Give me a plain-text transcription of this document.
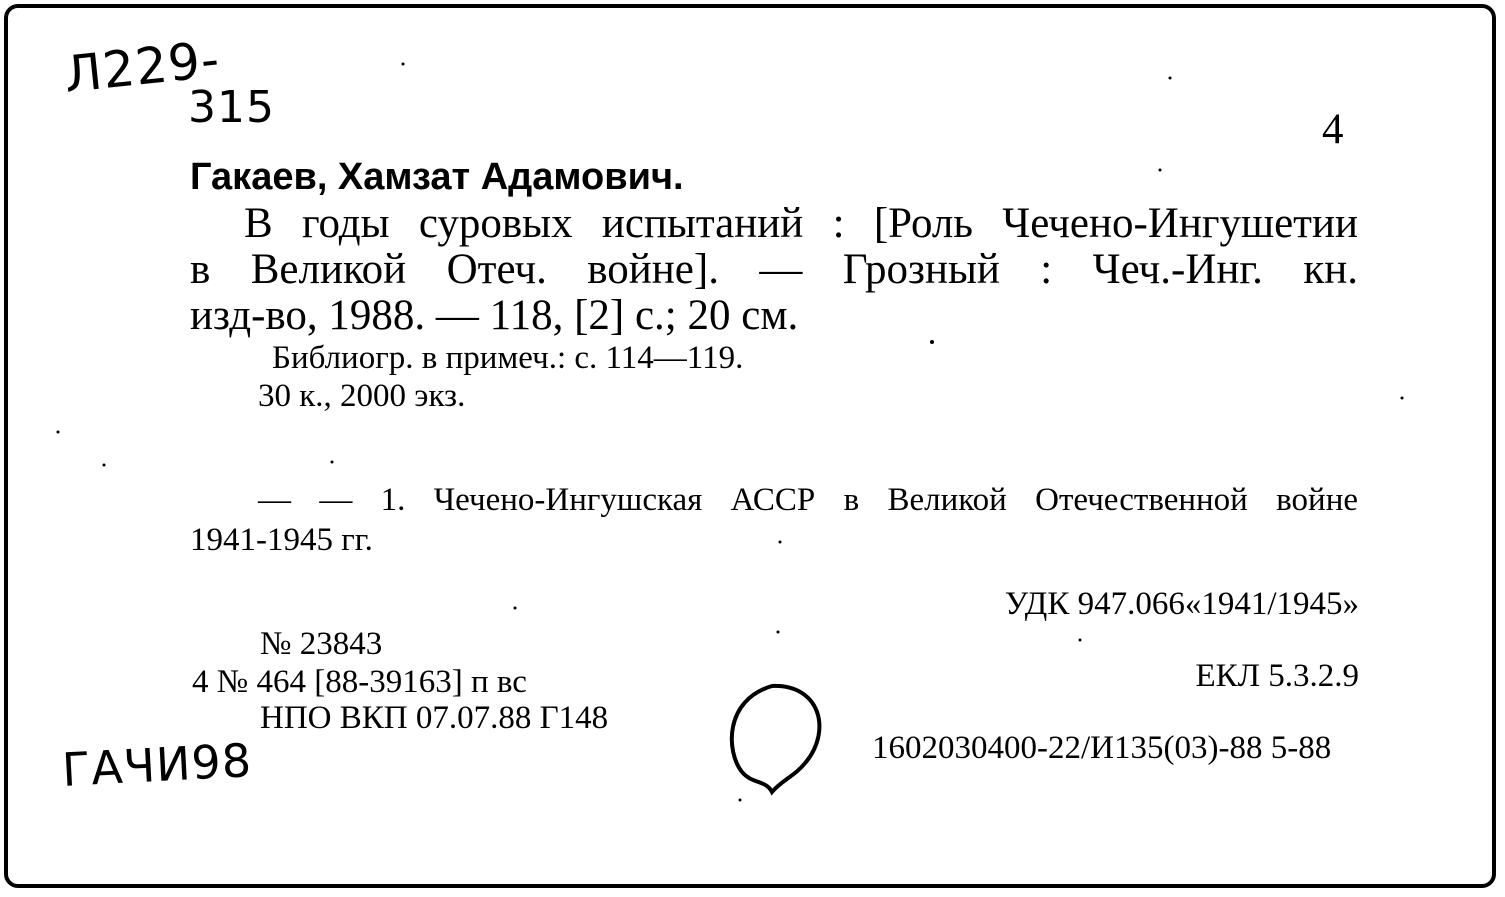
Л229-
315	4
Гакаев, Хамзат Адамович.
В годы суровых испытаний : [Роль Чечено-Ингушетии
в Великой Отеч. войне]. — Грозный : Чеч.-Инг. кн.
изд-во, 1988. — 118, [2] с.; 20 см.
Библиогр. в примеч.: с. 114—119.
30 к., 2000 экз.
— — 1. Чечено-Ингушская АССР в Великой Отечественной войне
1941-1945 гг.
УДК 947.066«1941/1945»
№ 23843
4 № 464 [88-39163] п вс	ЕКЛ 5.3.2.9
НПО ВКП 07.07.88 Г148
1602030400-22/И135(03)-88 5-88
ГАЧИ98
